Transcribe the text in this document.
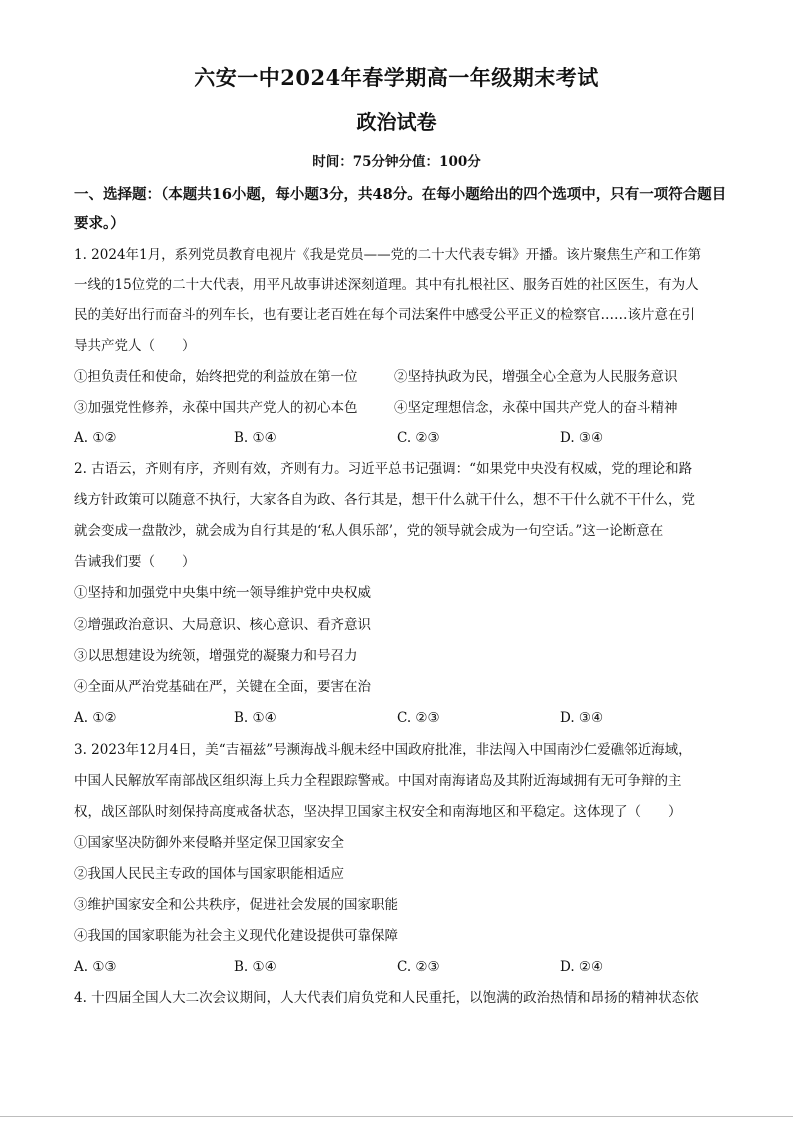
六安一中2024年春学期高一年级期末考试
政治试卷
时间：75分钟分值：100分
一、选择题：（本题共16小题，每小题3分，共48分。在每小题给出的四个选项中，只有一项符合题目要求。）
1. 2024年1月，系列党员教育电视片《我是党员——党的二十大代表专辑》开播。该片聚焦生产和工作第
一线的15位党的二十大代表，用平凡故事讲述深刻道理。其中有扎根社区、服务百姓的社区医生，有为人
民的美好出行而奋斗的列车长，也有要让老百姓在每个司法案件中感受公平正义的检察官……该片意在引
导共产党人（　　）
①担负责任和使命，始终把党的利益放在第一位	②坚持执政为民，增强全心全意为人民服务意识
③加强党性修养，永葆中国共产党人的初心本色	④坚定理想信念，永葆中国共产党人的奋斗精神
A. ①②	B. ①④	C. ②③	D. ③④
2. 古语云，齐则有序，齐则有效，齐则有力。习近平总书记强调：“如果党中央没有权威，党的理论和路
线方针政策可以随意不执行，大家各自为政、各行其是，想干什么就干什么，想不干什么就不干什么，党
就会变成一盘散沙，就会成为自行其是的‘私人俱乐部’，党的领导就会成为一句空话。”这一论断意在
告诫我们要（　　）
①坚持和加强党中央集中统一领导维护党中央权威
②增强政治意识、大局意识、核心意识、看齐意识
③以思想建设为统领，增强党的凝聚力和号召力
④全面从严治党基础在严，关键在全面，要害在治
A. ①②	B. ①④	C. ②③	D. ③④
3. 2023年12月4日，美“吉福兹”号濒海战斗舰未经中国政府批准，非法闯入中国南沙仁爱礁邻近海域，
中国人民解放军南部战区组织海上兵力全程跟踪警戒。中国对南海诸岛及其附近海域拥有无可争辩的主
权，战区部队时刻保持高度戒备状态，坚决捍卫国家主权安全和南海地区和平稳定。这体现了（　　）
①国家坚决防御外来侵略并坚定保卫国家安全
②我国人民民主专政的国体与国家职能相适应
③维护国家安全和公共秩序，促进社会发展的国家职能
④我国的国家职能为社会主义现代化建设提供可靠保障
A. ①③	B. ①④	C. ②③	D. ②④
4. 十四届全国人大二次会议期间，人大代表们肩负党和人民重托，以饱满的政治热情和昂扬的精神状态依
